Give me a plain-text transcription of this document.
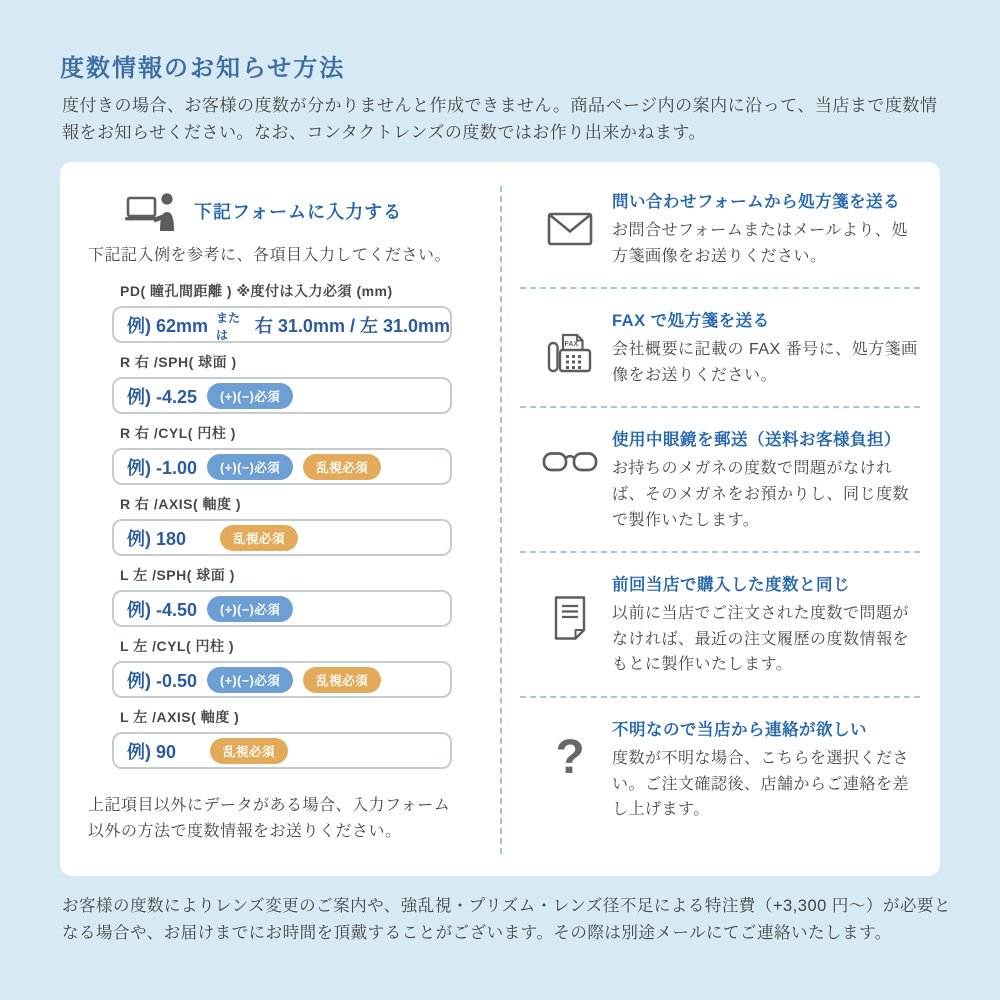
度数情報のお知らせ方法

度付きの場合、お客様の度数が分かりませんと作成できません。商品ページ内の案内に沿って、当店まで度数情報をお知らせください。なお、コンタクトレンズの度数ではお作り出来かねます。

下記フォームに入力する

下記記入例を参考に、各項目入力してください。

PD( 瞳孔間距離 ) ※度付は入力必須 (mm)
例) 62mm または	右 31.0mm / 左 31.0mm
R 右 /SPH( 球面 )
例) -4.25	(+)(−)必須
R 右 /CYL( 円柱 )
例) -1.00	(+)(−)必須	乱視必須
R 右 /AXIS( 軸度 )
例) 180	乱視必須
L 左 /SPH( 球面 )
例) -4.50	(+)(−)必須
L 左 /CYL( 円柱 )
例) -0.50	(+)(−)必須	乱視必須
L 左 /AXIS( 軸度 )
例) 90	乱視必須

上記項目以外にデータがある場合、入力フォーム以外の方法で度数情報をお送りください。

問い合わせフォームから処方箋を送る
お問合せフォームまたはメールより、処方箋画像をお送りください。
FAX
FAX で処方箋を送る
会社概要に記載の FAX 番号に、処方箋画像をお送りください。
使用中眼鏡を郵送（送料お客様負担）
お持ちのメガネの度数で問題がなければ、そのメガネをお預かりし、同じ度数で製作いたします。
前回当店で購入した度数と同じ
以前に当店でご注文された度数で問題がなければ、最近の注文履歴の度数情報をもとに製作いたします。
?
不明なので当店から連絡が欲しい
度数が不明な場合、こちらを選択ください。ご注文確認後、店舗からご連絡を差し上げます。

お客様の度数によりレンズ変更のご案内や、強乱視・プリズム・レンズ径不足による特注費（+3,300 円〜）が必要となる場合や、お届けまでにお時間を頂戴することがございます。その際は別途メールにてご連絡いたします。
